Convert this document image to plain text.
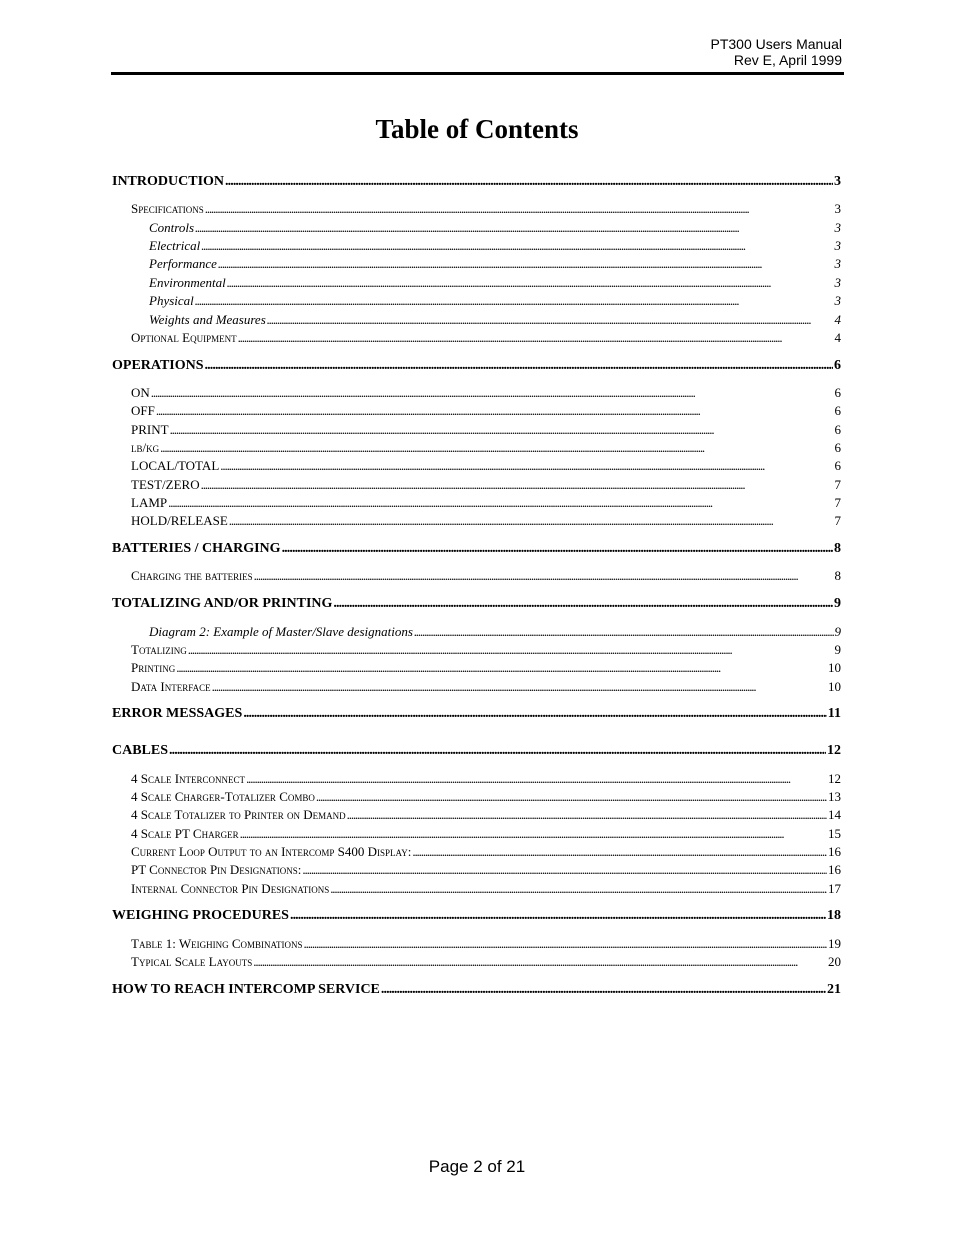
PT300 Users Manual
Rev E, April 1999
Table of Contents
INTRODUCTION . . .	3
Specifications . . .	3
Controls . . .	3
Electrical . . .	3
Performance . . .	3
Environmental . . .	3
Physical . . .	3
Weights and Measures . . .	4
Optional Equipment . . .	4
OPERATIONS . . .	6
ON . . .	6
OFF . . .	6
PRINT . . .	6
lb/kg . . .	6
LOCAL/TOTAL . . .	6
TEST/ZERO . . .	7
LAMP . . .	7
HOLD/RELEASE . . .	7
BATTERIES / CHARGING . . .	8
Charging the batteries . . .	8
TOTALIZING AND/OR PRINTING . . .	9
Diagram 2: Example of Master/Slave designations . . .	9
Totalizing . . .	9
Printing . . .	10
Data Interface . . .	10
ERROR MESSAGES . . .	11
CABLES . . .	12
4 Scale Interconnect . . .	12
4 Scale Charger-Totalizer Combo . . .	13
4 Scale Totalizer to Printer on Demand . . .	14
4 Scale PT Charger . . .	15
Current Loop Output to an Intercomp S400 Display: . . .	16
PT Connector Pin Designations: . . .	16
Internal Connector Pin Designations . . .	17
WEIGHING PROCEDURES . . .	18
Table 1: Weighing Combinations . . .	19
Typical Scale Layouts . . .	20
HOW TO REACH INTERCOMP SERVICE . . .	21
Page 2 of 21
